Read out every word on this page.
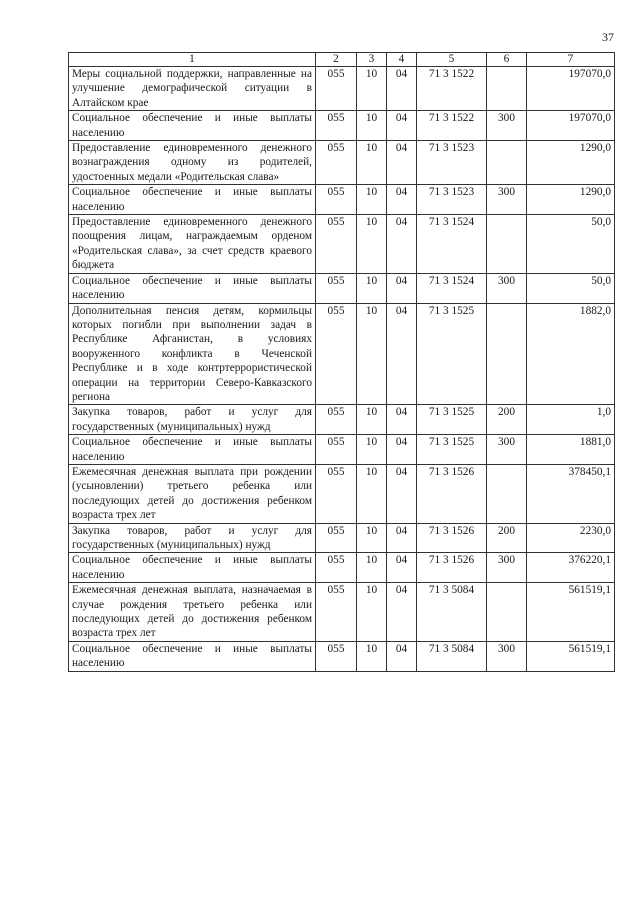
37
1	2	3	4	5	6	7
Меры социальной поддержки, направленные на улучшение демографической ситуации в Алтайском крае	055	10	04	71 3 1522		197070,0
Социальное обеспечение и иные выплаты населению	055	10	04	71 3 1522	300	197070,0
Предоставление единовременного денежного вознаграждения одному из родителей, удостоенных медали «Родительская слава»	055	10	04	71 3 1523		1290,0
Социальное обеспечение и иные выплаты населению	055	10	04	71 3 1523	300	1290,0
Предоставление единовременного денежного поощрения лицам, награждаемым орденом «Родительская слава», за счет средств краевого бюджета	055	10	04	71 3 1524		50,0
Социальное обеспечение и иные выплаты населению	055	10	04	71 3 1524	300	50,0
Дополнительная пенсия детям, кормильцы которых погибли при выполнении задач в Республике Афганистан, в условиях вооруженного конфликта в Чеченской Республике и в ходе контртеррористической операции на территории Северо-Кавказского региона	055	10	04	71 3 1525		1882,0
Закупка товаров, работ и услуг для государственных (муниципальных) нужд	055	10	04	71 3 1525	200	1,0
Социальное обеспечение и иные выплаты населению	055	10	04	71 3 1525	300	1881,0
Ежемесячная денежная выплата при рождении (усыновлении) третьего ребенка или последующих детей до достижения ребенком возраста трех лет	055	10	04	71 3 1526		378450,1
Закупка товаров, работ и услуг для государственных (муниципальных) нужд	055	10	04	71 3 1526	200	2230,0
Социальное обеспечение и иные выплаты населению	055	10	04	71 3 1526	300	376220,1
Ежемесячная денежная выплата, назначаемая в случае рождения третьего ребенка или последующих детей до достижения ребенком возраста трех лет	055	10	04	71 3 5084		561519,1
Социальное обеспечение и иные выплаты населению	055	10	04	71 3 5084	300	561519,1
